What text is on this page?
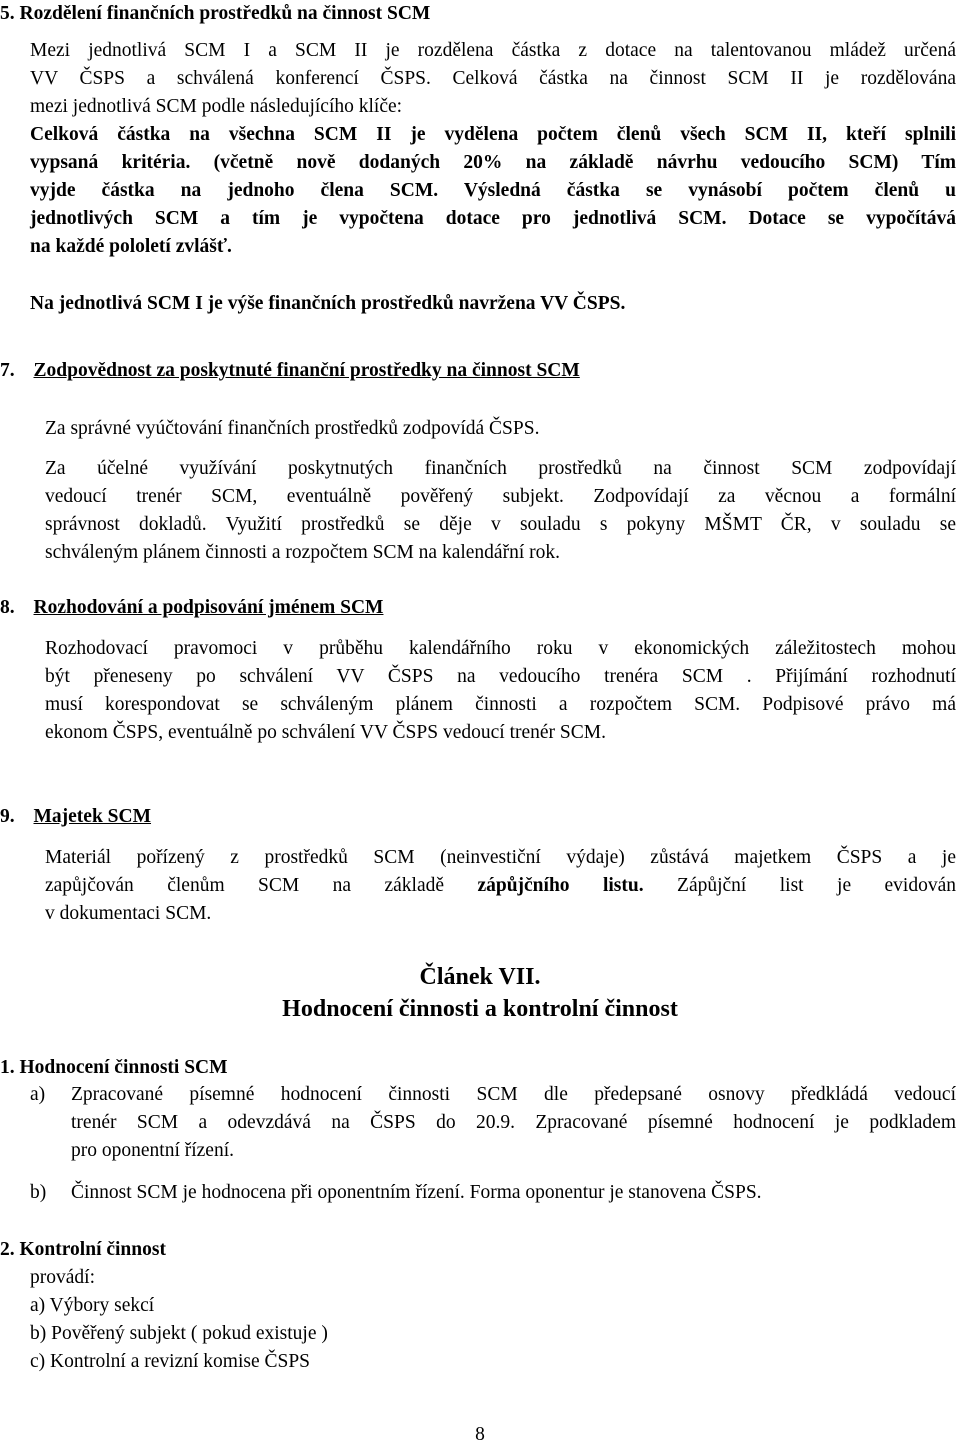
5. Rozdělení finančních prostředků na činnost SCM

Mezi jednotlivá SCM I a SCM II je rozdělena částka z dotace na talentovanou mládež určená
VV ČSPS a schválená konferencí ČSPS. Celková částka na činnost SCM II je rozdělována
mezi jednotlivá SCM podle následujícího klíče:
Celková částka na všechna SCM II je vydělena počtem členů všech SCM II, kteří splnili
vypsaná kritéria. (včetně nově dodaných 20% na základě návrhu vedoucího SCM) Tím
vyjde částka na jednoho člena SCM. Výsledná částka se vynásobí počtem členů u
jednotlivých SCM a tím je vypočtena dotace pro jednotlivá SCM. Dotace se vypočítává
na každé pololetí zvlášť.

Na jednotlivá SCM I je výše finančních prostředků navržena VV ČSPS.

7. Zodpovědnost za poskytnuté finanční prostředky na činnost SCM

Za správné vyúčtování finančních prostředků zodpovídá ČSPS.

Za účelné využívání poskytnutých finančních prostředků na činnost SCM zodpovídají
vedoucí trenér SCM, eventuálně pověřený subjekt. Zodpovídají za věcnou a formální
správnost dokladů. Využití prostředků se děje v souladu s pokyny MŠMT ČR, v souladu se
schváleným plánem činnosti a rozpočtem SCM na kalendářní rok.

8. Rozhodování a podpisování jménem SCM

Rozhodovací pravomoci v průběhu kalendářního roku v ekonomických záležitostech mohou
být přeneseny po schválení VV ČSPS na vedoucího trenéra SCM . Přijímání rozhodnutí
musí korespondovat se schváleným plánem činnosti a rozpočtem SCM. Podpisové právo má
ekonom ČSPS, eventuálně po schválení VV ČSPS vedoucí trenér SCM.

9. Majetek SCM

Materiál pořízený z prostředků SCM (neinvestiční výdaje) zůstává majetkem ČSPS a je
zapůjčován členům SCM na základě zápůjčního listu. Zápůjční list je evidován
v dokumentaci SCM.
Článek VII.
Hodnocení činnosti a kontrolní činnost

1. Hodnocení činnosti SCM

a) Zpracované písemné hodnocení činnosti SCM dle předepsané osnovy předkládá vedoucí
trenér SCM a odevzdává na ČSPS do 20.9. Zpracované písemné hodnocení je podkladem
pro oponentní řízení.
b) Činnost SCM je hodnocena při oponentním řízení. Forma oponentur je stanovena ČSPS.

2. Kontrolní činnost

provádí:
a) Výbory sekcí
b) Pověřený subjekt ( pokud existuje )
c) Kontrolní a revizní komise ČSPS

8
